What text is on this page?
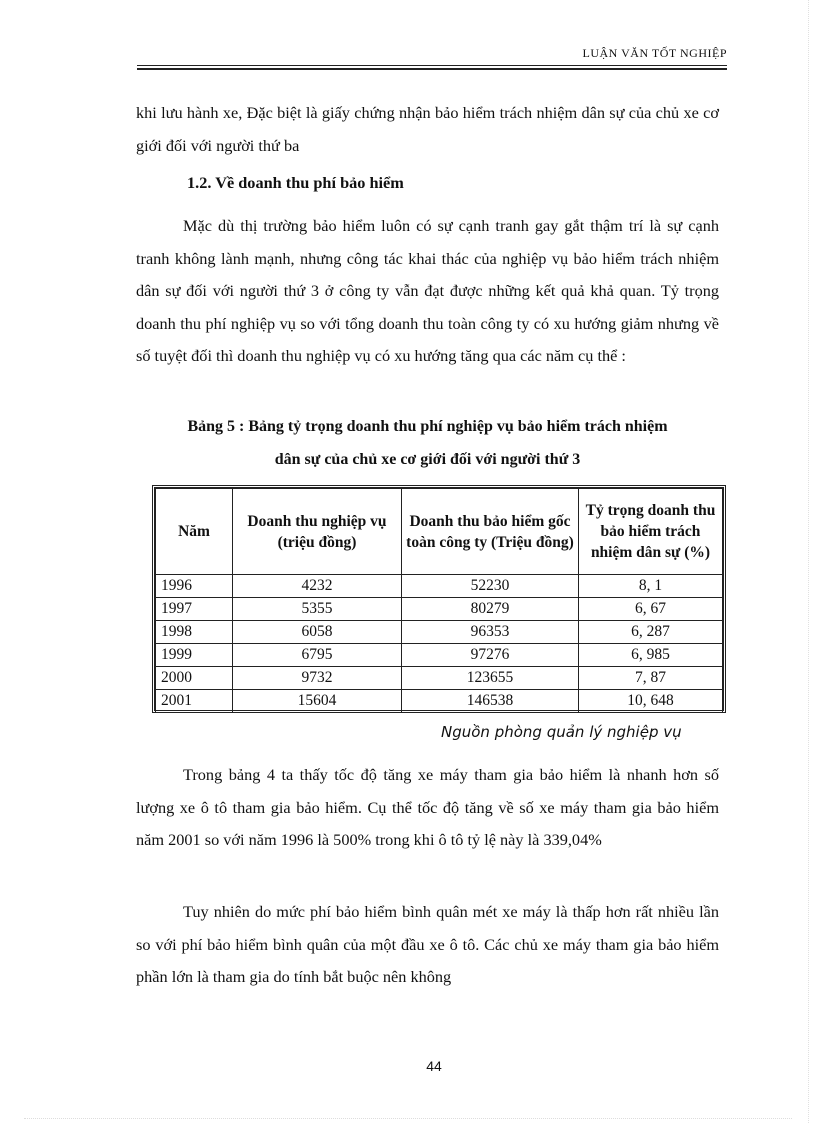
LUẬN VĂN TỐT NGHIỆP

khi lưu hành xe, Đặc biệt là giấy chứng nhận bảo hiểm trách nhiệm dân sự của chủ xe cơ giới đối với người thứ ba

1.2. Về doanh thu phí bảo hiểm

Mặc dù thị trường bảo hiểm luôn có sự cạnh tranh gay gắt thậm trí là sự cạnh tranh không lành mạnh, nhưng công tác khai thác của nghiệp vụ bảo hiểm trách nhiệm dân sự đối với người thứ 3 ở công ty vẫn đạt được những kết quả khả quan. Tỷ trọng doanh thu phí nghiệp vụ so với tổng doanh thu toàn công ty có xu hướng giảm nhưng về số tuyệt đối thì doanh thu nghiệp vụ có xu hướng tăng qua các năm cụ thể :

Bảng 5 : Bảng tỷ trọng doanh thu phí nghiệp vụ bảo hiểm trách nhiệm

dân sự của chủ xe cơ giới đối với người thứ 3

Năm	Doanh thu nghiệp vụ (triệu đồng)	Doanh thu bảo hiểm gốc toàn công ty (Triệu đồng)	Tỷ trọng doanh thu bảo hiểm trách nhiệm dân sự (%)
1996	4232	52230	8, 1
1997	5355	80279	6, 67
1998	6058	96353	6, 287
1999	6795	97276	6, 985
2000	9732	123655	7, 87
2001	15604	146538	10, 648
Nguồn phòng quản lý nghiệp vụ

Trong bảng 4 ta thấy tốc độ tăng xe máy tham gia bảo hiểm là nhanh hơn số lượng xe ô tô tham gia bảo hiểm. Cụ thể tốc độ tăng về số xe máy tham gia bảo hiểm năm 2001 so với năm 1996 là 500% trong khi ô tô tỷ lệ này là 339,04%

Tuy nhiên do mức phí bảo hiểm bình quân mét xe máy là thấp hơn rất nhiều lần so với phí bảo hiểm bình quân của một đầu xe ô tô. Các chủ xe máy tham gia bảo hiểm phần lớn là tham gia do tính bắt buộc nên không

44
